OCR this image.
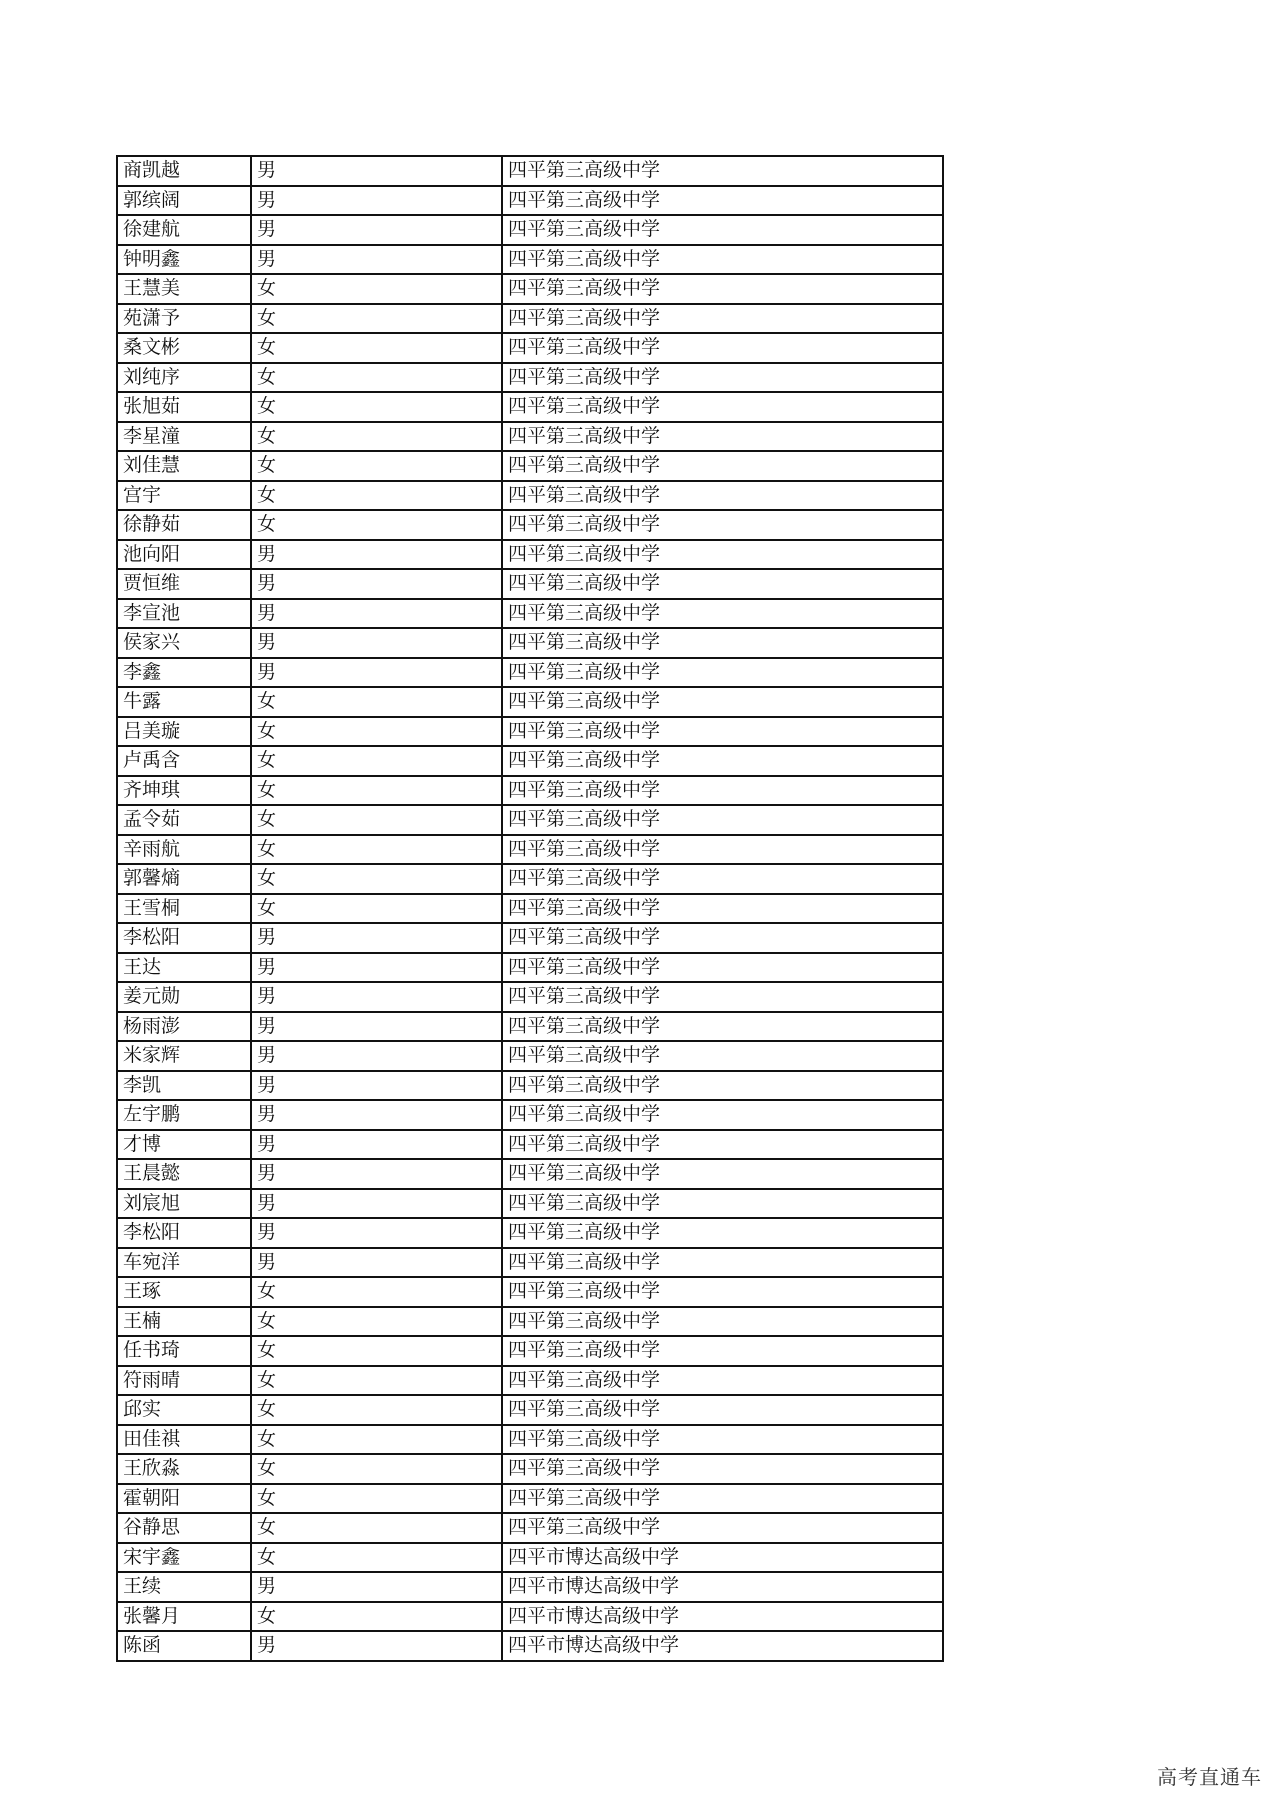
商凯越	男	四平第三高级中学
郭缤阔	男	四平第三高级中学
徐建航	男	四平第三高级中学
钟明鑫	男	四平第三高级中学
王慧美	女	四平第三高级中学
苑潇予	女	四平第三高级中学
桑文彬	女	四平第三高级中学
刘纯序	女	四平第三高级中学
张旭茹	女	四平第三高级中学
李星潼	女	四平第三高级中学
刘佳慧	女	四平第三高级中学
宫宇	女	四平第三高级中学
徐静茹	女	四平第三高级中学
池向阳	男	四平第三高级中学
贾恒维	男	四平第三高级中学
李宣池	男	四平第三高级中学
侯家兴	男	四平第三高级中学
李鑫	男	四平第三高级中学
牛露	女	四平第三高级中学
吕美璇	女	四平第三高级中学
卢禹含	女	四平第三高级中学
齐坤琪	女	四平第三高级中学
孟令茹	女	四平第三高级中学
辛雨航	女	四平第三高级中学
郭馨熵	女	四平第三高级中学
王雪桐	女	四平第三高级中学
李松阳	男	四平第三高级中学
王达	男	四平第三高级中学
姜元勋	男	四平第三高级中学
杨雨澎	男	四平第三高级中学
米家辉	男	四平第三高级中学
李凯	男	四平第三高级中学
左宇鹏	男	四平第三高级中学
才博	男	四平第三高级中学
王晨懿	男	四平第三高级中学
刘宸旭	男	四平第三高级中学
李松阳	男	四平第三高级中学
车宛洋	男	四平第三高级中学
王琢	女	四平第三高级中学
王楠	女	四平第三高级中学
任书琦	女	四平第三高级中学
符雨晴	女	四平第三高级中学
邱实	女	四平第三高级中学
田佳祺	女	四平第三高级中学
王欣淼	女	四平第三高级中学
霍朝阳	女	四平第三高级中学
谷静思	女	四平第三高级中学
宋宇鑫	女	四平市博达高级中学
王续	男	四平市博达高级中学
张馨月	女	四平市博达高级中学
陈函	男	四平市博达高级中学
高考直通车
